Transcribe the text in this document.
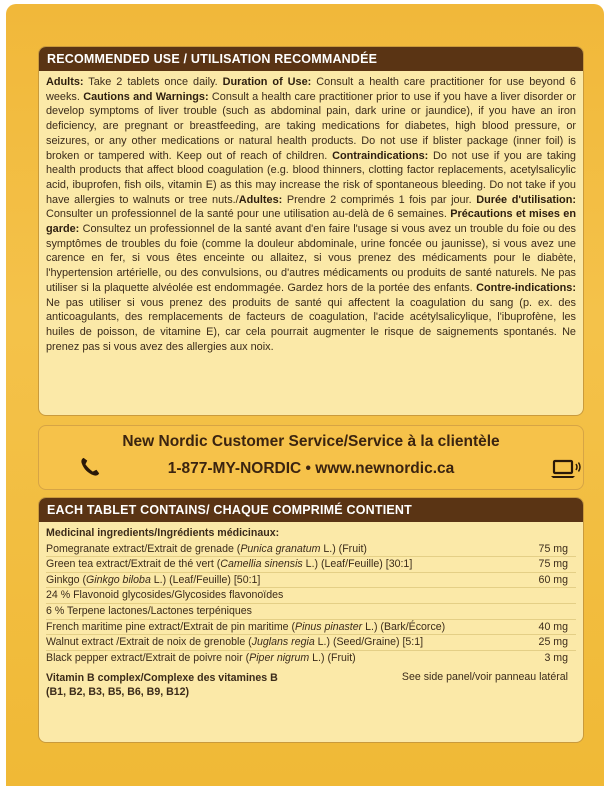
RECOMMENDED USE / UTILISATION RECOMMANDÉE
Adults: Take 2 tablets once daily. Duration of Use: Consult a health care practitioner for use beyond 6 weeks. Cautions and Warnings: Consult a health care practitioner prior to use if you have a liver disorder or develop symptoms of liver trouble (such as abdominal pain, dark urine or jaundice), if you have an iron deficiency, are pregnant or breastfeeding, are taking medications for diabetes, high blood pressure, or seizures, or any other medications or natural health products. Do not use if blister package (inner foil) is broken or tampered with. Keep out of reach of children. Contraindications: Do not use if you are taking health products that affect blood coagulation (e.g. blood thinners, clotting factor replacements, acetylsalicylic acid, ibuprofen, fish oils, vitamin E) as this may increase the risk of spontaneous bleeding. Do not take if you have allergies to walnuts or tree nuts./Adultes: Prendre 2 comprimés 1 fois par jour. Durée d'utilisation: Consulter un professionnel de la santé pour une utilisation au-delà de 6 semaines. Précautions et mises en garde: Consultez un professionnel de la santé avant d'en faire l'usage si vous avez un trouble du foie ou des symptômes de troubles du foie (comme la douleur abdominale, urine foncée ou jaunisse), si vous avez une carence en fer, si vous êtes enceinte ou allaitez, si vous prenez des médicaments pour le diabète, l'hypertension artérielle, ou des convulsions, ou d'autres médicaments ou produits de santé naturels. Ne pas utiliser si la plaquette alvéolée est endommagée. Gardez hors de la portée des enfants. Contre-indications: Ne pas utiliser si vous prenez des produits de santé qui affectent la coagulation du sang (p. ex. des anticoagulants, des remplacements de facteurs de coagulation, l'acide acétylsalicylique, l'ibuprofène, les huiles de poisson, de vitamine E), car cela pourrait augmenter le risque de saignements spontanés. Ne prenez pas si vous avez des allergies aux noix.
New Nordic Customer Service/Service à la clientèle
1-877-MY-NORDIC • www.newnordic.ca
EACH TABLET CONTAINS/ CHAQUE COMPRIMÉ CONTIENT
Medicinal ingredients/Ingrédients médicinaux:
Pomegranate extract/Extrait de grenade (Punica granatum L.) (Fruit)	75 mg
Green tea extract/Extrait de thé vert (Camellia sinensis L.) (Leaf/Feuille) [30:1]	75 mg
Ginkgo (Ginkgo biloba L.) (Leaf/Feuille) [50:1]	60 mg
24 % Flavonoid glycosides/Glycosides flavonoïdes
6 % Terpene lactones/Lactones terpéniques
French maritime pine extract/Extrait de pin maritime (Pinus pinaster L.) (Bark/Écorce)	40 mg
Walnut extract /Extrait de noix de grenoble (Juglans regia L.) (Seed/Graine) [5:1]	25 mg
Black pepper extract/Extrait de poivre noir (Piper nigrum L.) (Fruit)	3 mg
Vitamin B complex/Complexe des vitamines B
(B1, B2, B3, B5, B6, B9, B12)
See side panel/voir panneau latéral
